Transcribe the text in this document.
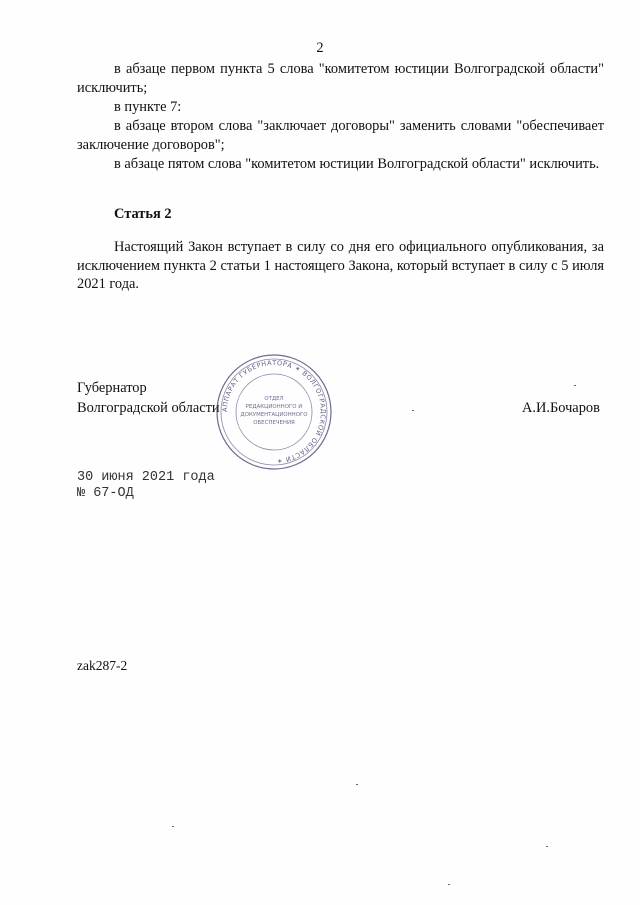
2
в абзаце первом пункта 5 слова "комитетом юстиции Волгоградской области" исключить;
в пункте 7:
в абзаце втором слова "заключает договоры" заменить словами "обеспечивает заключение договоров";
в абзаце пятом слова "комитетом юстиции Волгоградской области" исключить.
Статья 2
Настоящий Закон вступает в силу со дня его официального опубликования, за исключением пункта 2 статьи 1 настоящего Закона, который вступает в силу с 5 июля 2021 года.
Губернатор
Волгоградской области	А.И.Бочаров
АППАРАТ ГУБЕРНАТОРА ✶ ВОЛГОГРАДСКОЙ ОБЛАСТИ ✶
ОТДЕЛ
РЕДАКЦИОННОГО И
ДОКУМЕНТАЦИОННОГО
ОБЕСПЕЧЕНИЯ
30 июня 2021 года
№ 67-ОД
zak287-2
